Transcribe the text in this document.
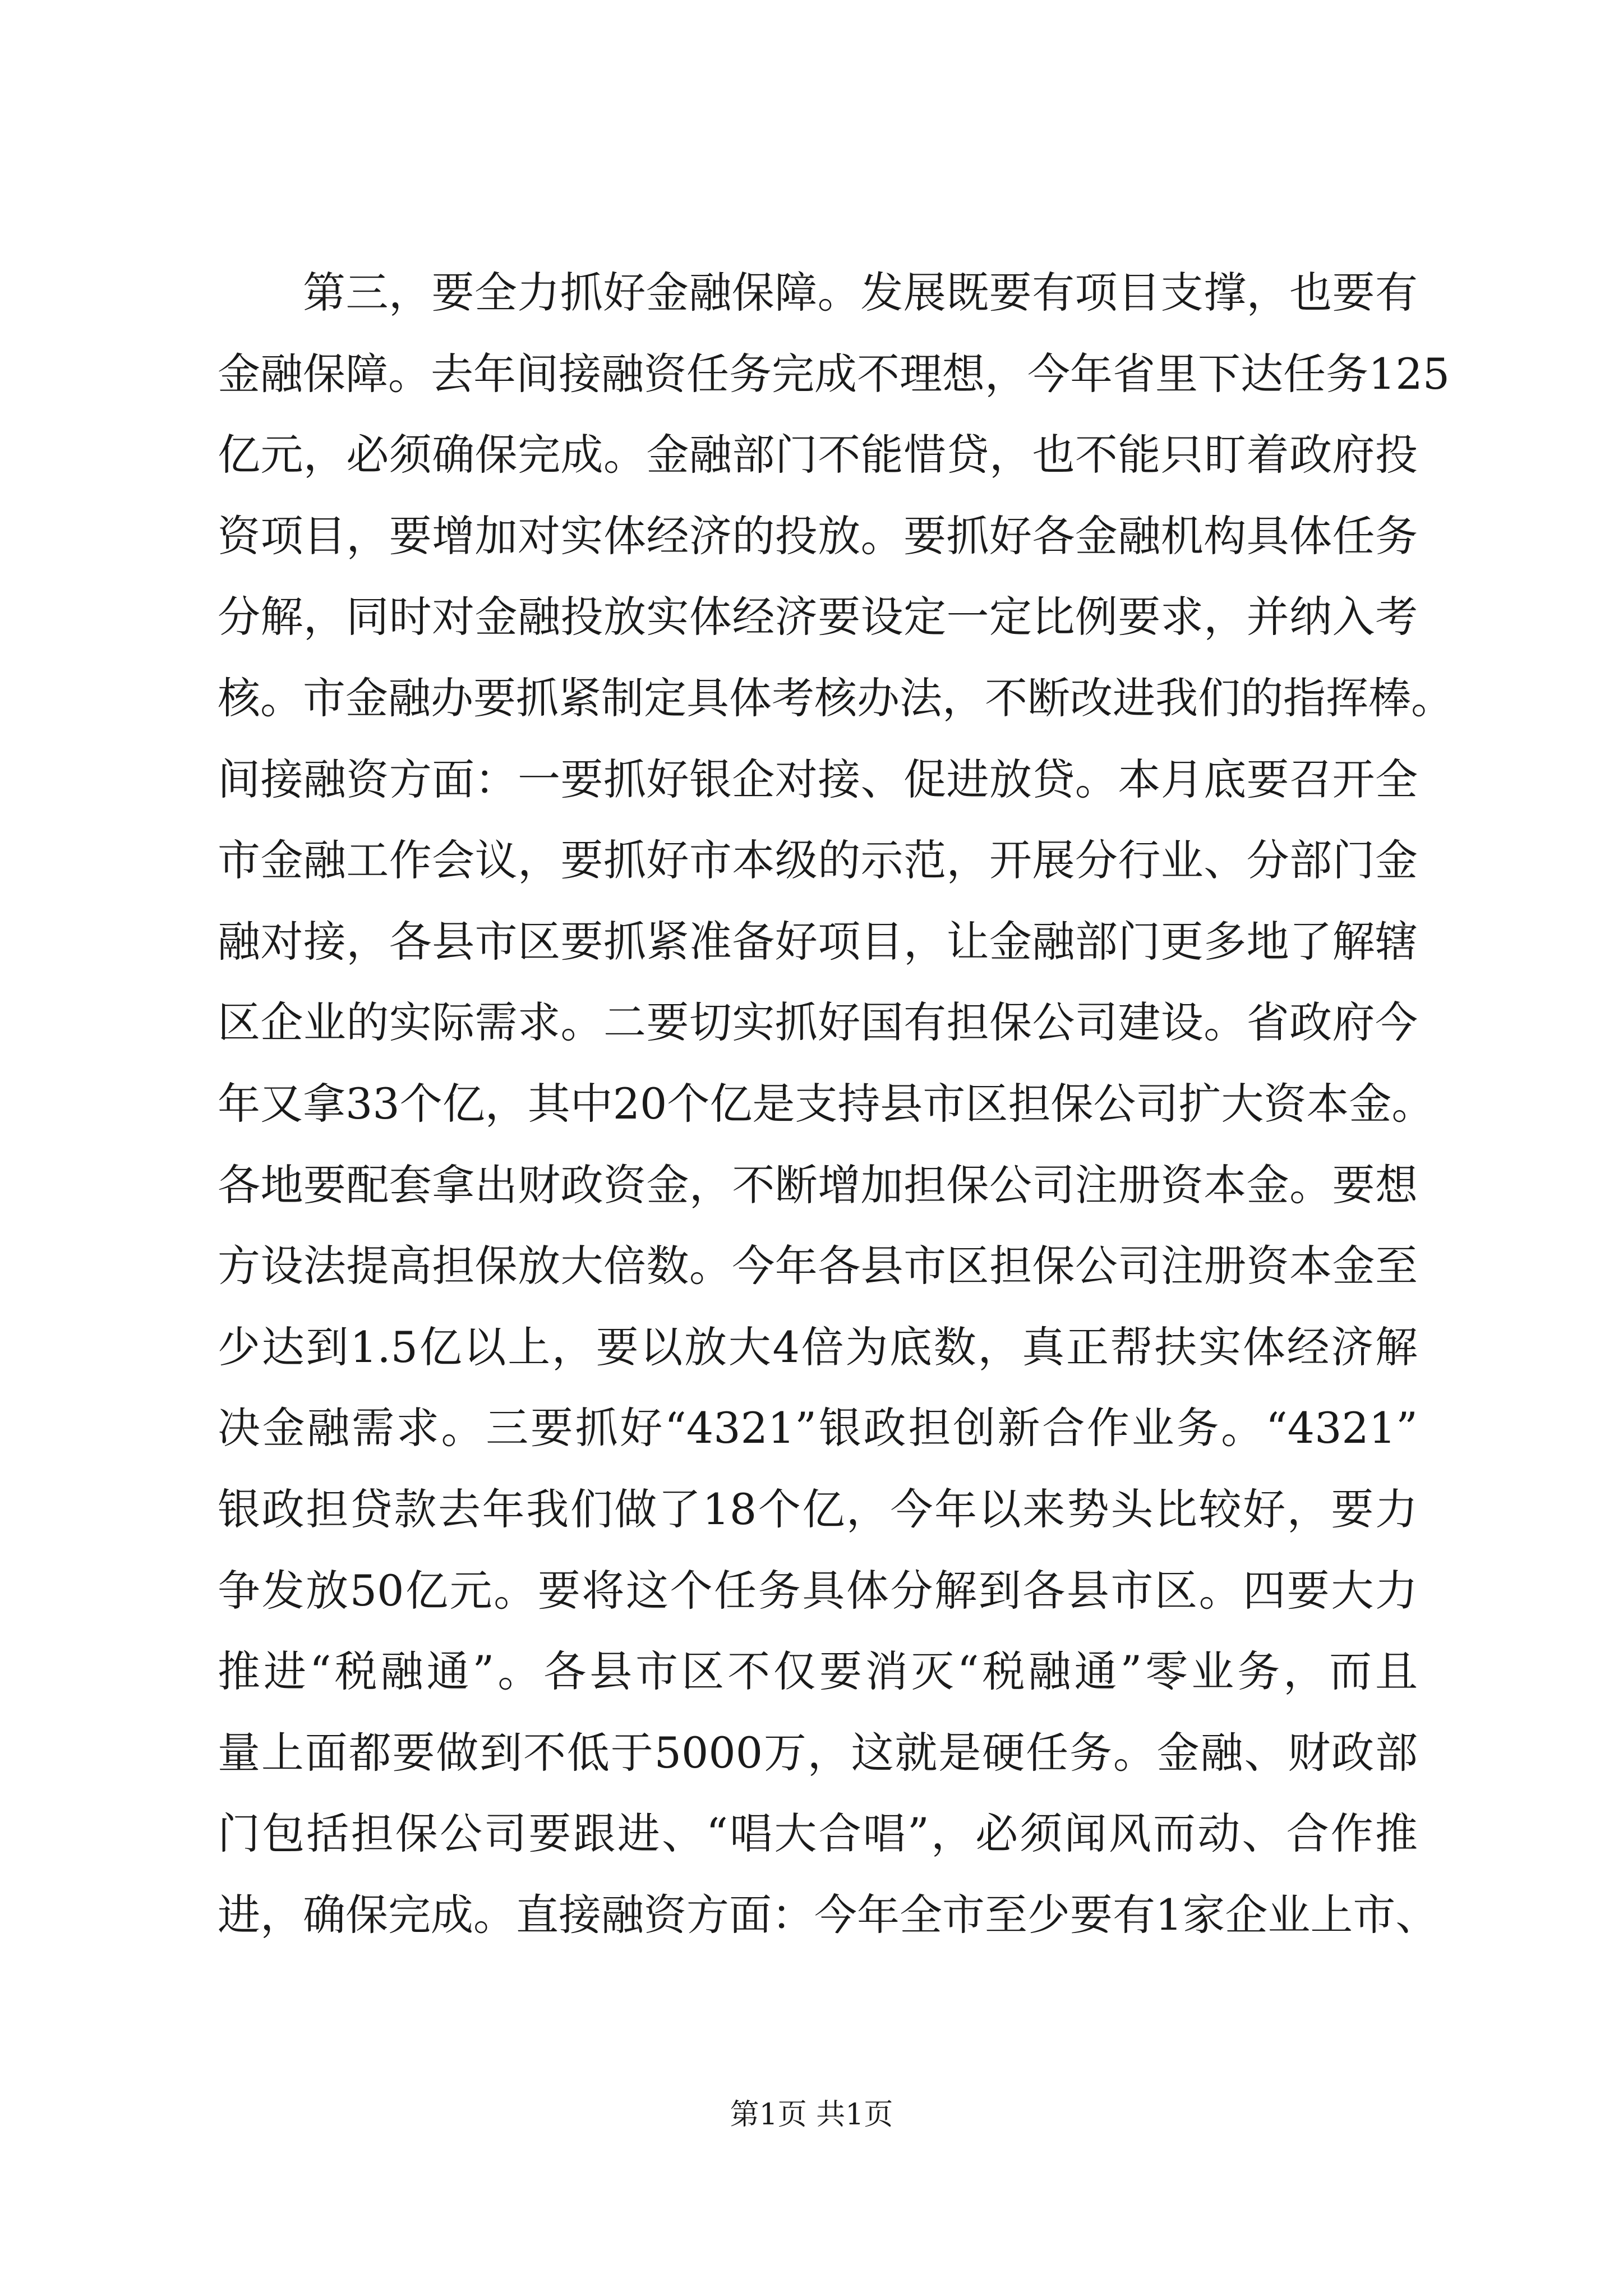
第三，要全力抓好金融保障。发展既要有项目支撑，也要有
金融保障。去年间接融资任务完成不理想，今年省里下达任务125
亿元，必须确保完成。金融部门不能惜贷，也不能只盯着政府投
资项目，要增加对实体经济的投放。要抓好各金融机构具体任务
分解，同时对金融投放实体经济要设定一定比例要求，并纳入考
核。市金融办要抓紧制定具体考核办法，不断改进我们的指挥棒。
间接融资方面：一要抓好银企对接、促进放贷。本月底要召开全
市金融工作会议，要抓好市本级的示范，开展分行业、分部门金
融对接，各县市区要抓紧准备好项目，让金融部门更多地了解辖
区企业的实际需求。二要切实抓好国有担保公司建设。省政府今
年又拿33个亿，其中20个亿是支持县市区担保公司扩大资本金。
各地要配套拿出财政资金，不断增加担保公司注册资本金。要想
方设法提高担保放大倍数。今年各县市区担保公司注册资本金至
少达到1.5亿以上，要以放大4倍为底数，真正帮扶实体经济解
决金融需求。三要抓好“4321”银政担创新合作业务。“4321”
银政担贷款去年我们做了18个亿，今年以来势头比较好，要力
争发放50亿元。要将这个任务具体分解到各县市区。四要大力
推进“税融通”。各县市区不仅要消灭“税融通”零业务，而且
量上面都要做到不低于5000万，这就是硬任务。金融、财政部
门包括担保公司要跟进、“唱大合唱”，必须闻风而动、合作推
进，确保完成。直接融资方面：今年全市至少要有1家企业上市、
第1页 共1页
